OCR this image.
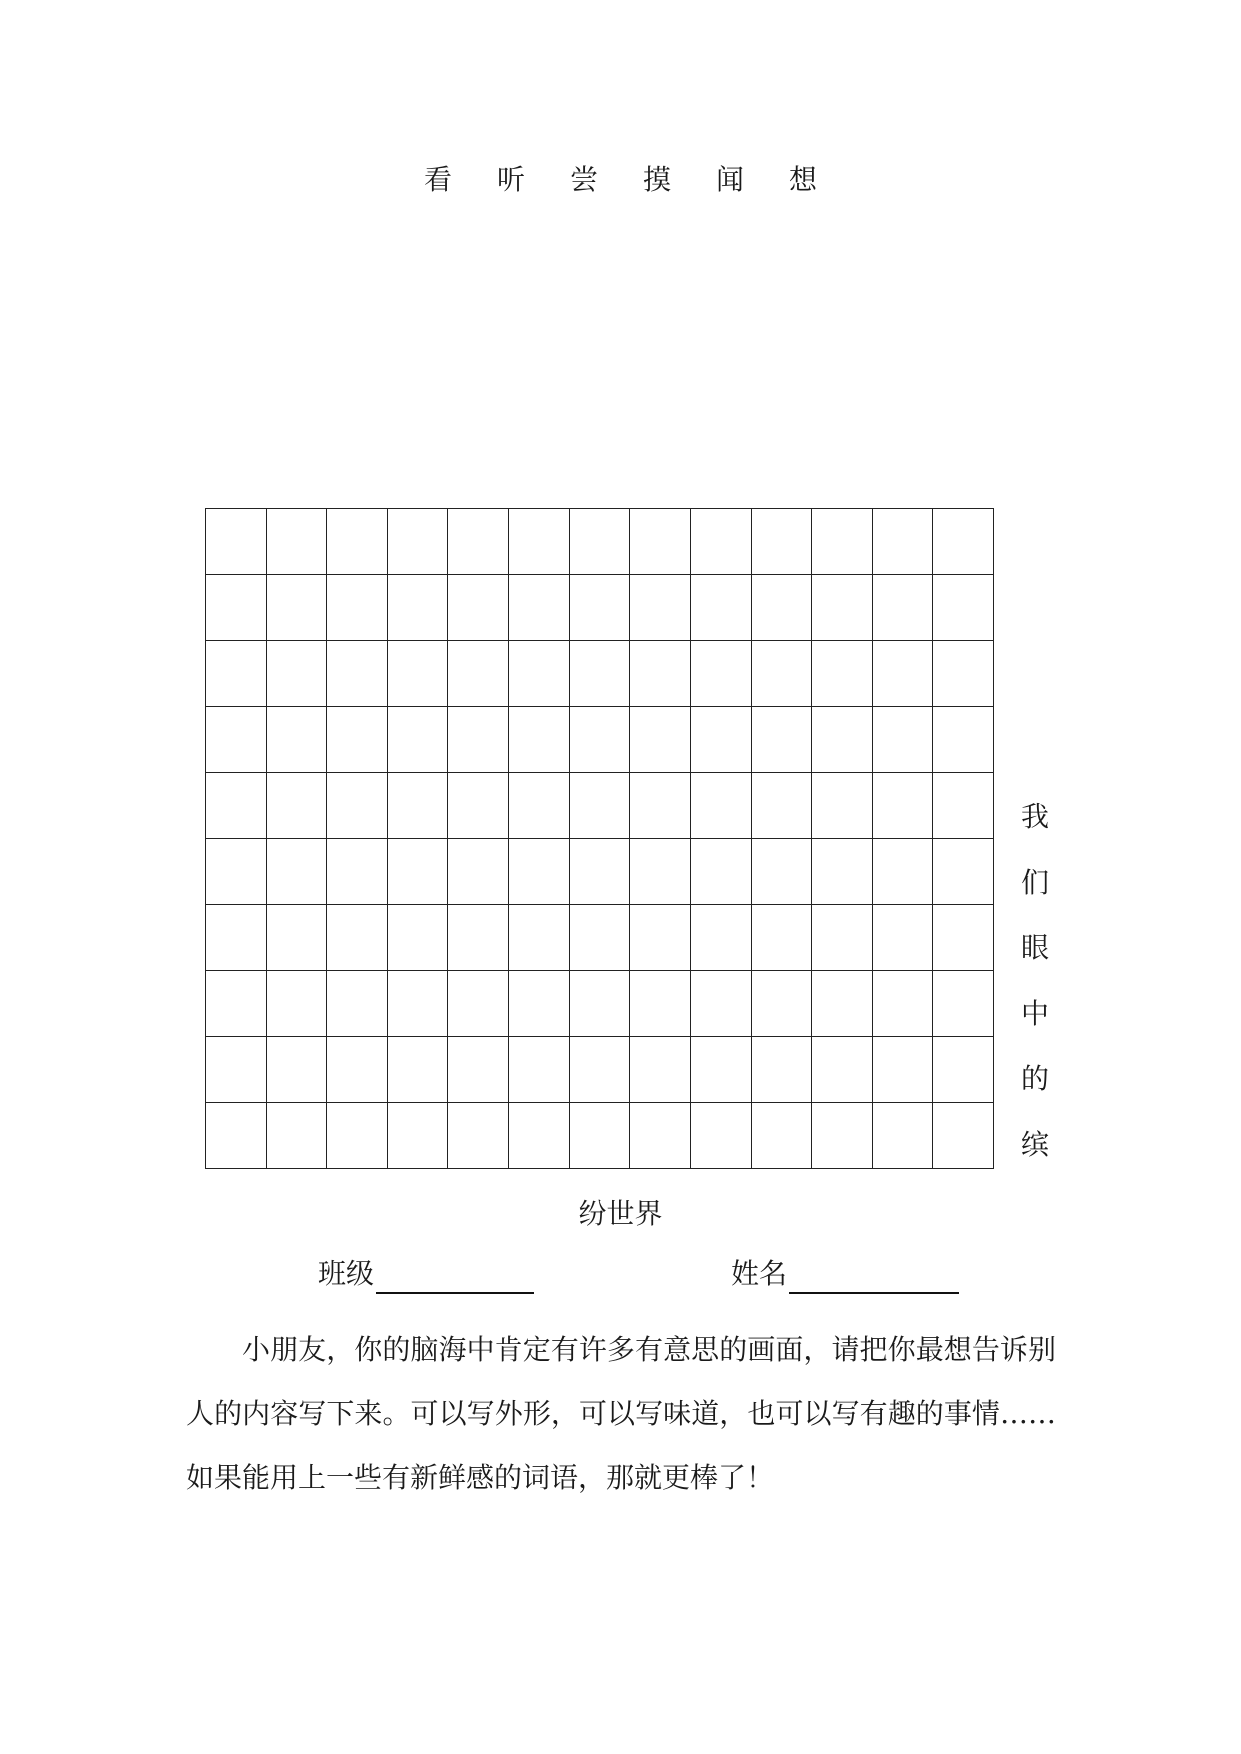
看	听	尝	摸	闻	想
我
们
眼
中
的
缤
纷世界
班级	姓名

小朋友，你的脑海中肯定有许多有意思的画面，请把你最想告诉别人的内容写下来。可以写外形，可以写味道，也可以写有趣的事情……如果能用上一些有新鲜感的词语，那就更棒了！
